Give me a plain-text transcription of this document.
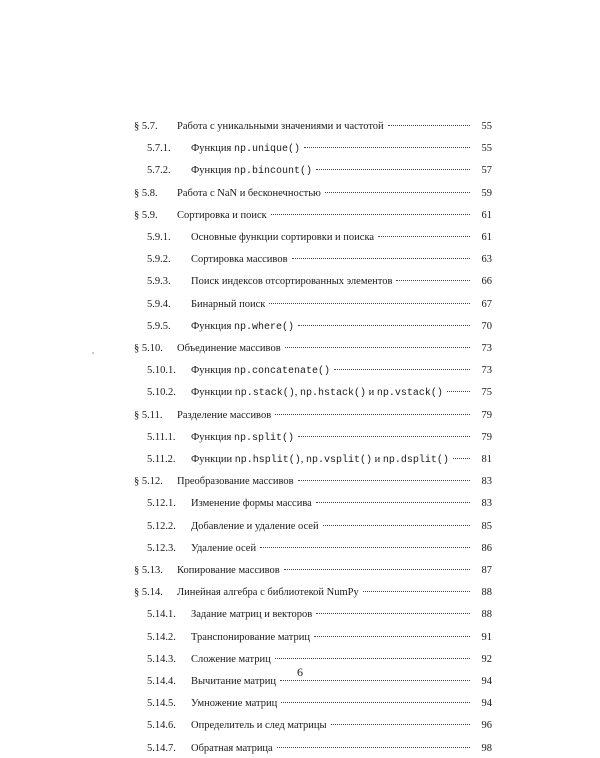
§ 5.7.	Работа с уникальными значениями и частотой	55
5.7.1.	Функция np.unique()	55
5.7.2.	Функция np.bincount()	57
§ 5.8.	Работа с NaN и бесконечностью	59
§ 5.9.	Сортировка и поиск	61
5.9.1.	Основные функции сортировки и поиска	61
5.9.2.	Сортировка массивов	63
5.9.3.	Поиск индексов отсортированных элементов	66
5.9.4.	Бинарный поиск	67
5.9.5.	Функция np.where()	70
§ 5.10.	Объединение массивов	73
5.10.1.	Функция np.concatenate()	73
5.10.2.	Функции np.stack(), np.hstack() и np.vstack()	75
§ 5.11.	Разделение массивов	79
5.11.1.	Функция np.split()	79
5.11.2.	Функции np.hsplit(), np.vsplit() и np.dsplit()	81
§ 5.12.	Преобразование массивов	83
5.12.1.	Изменение формы массива	83
5.12.2.	Добавление и удаление осей	85
5.12.3.	Удаление осей	86
§ 5.13.	Копирование массивов	87
§ 5.14.	Линейная алгебра с библиотекой NumPy	88
5.14.1.	Задание матриц и векторов	88
5.14.2.	Транспонирование матриц	91
5.14.3.	Сложение матриц	92
5.14.4.	Вычитание матриц	94
5.14.5.	Умножение матриц	94
5.14.6.	Определитель и след матрицы	96
5.14.7.	Обратная матрица	98
6
